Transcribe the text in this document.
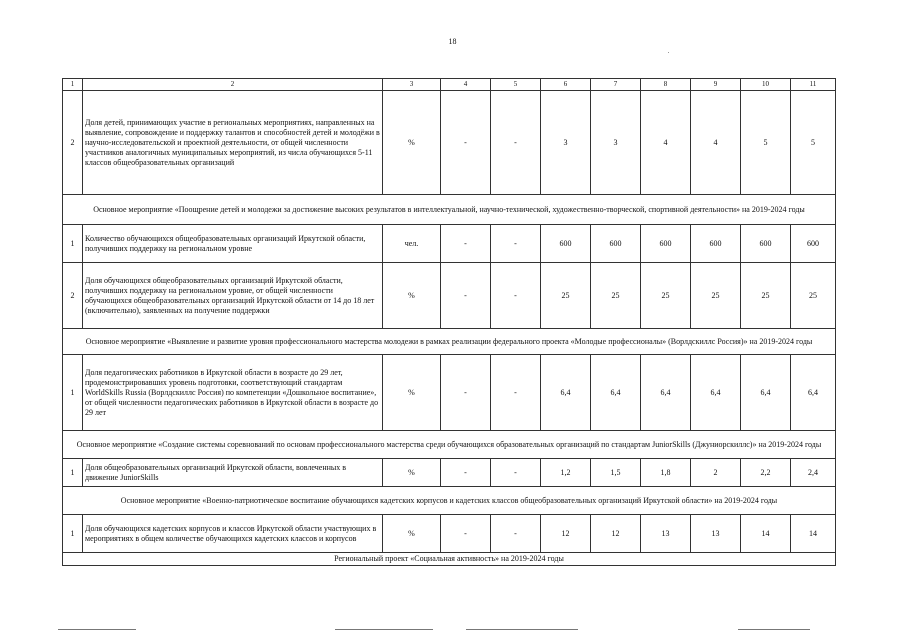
18
1	2	3	4	5	6	7	8	9	10	11
2	Доля детей, принимающих участие в региональных мероприятиях, направленных на выявление, сопровождение и поддержку талантов и способностей детей и молодёжи в научно-исследовательской и проектной деятельности, от общей численности участников аналогичных муниципальных мероприятий, из числа обучающихся 5-11 классов общеобразовательных организаций	%	-	-	3	3	4	4	5	5
Основное мероприятие «Поощрение детей и молодежи за достижение высоких результатов в интеллектуальной, научно-технической, художественно-творческой, спортивной деятельности» на 2019-2024 годы										
1	Количество обучающихся общеобразовательных организаций Иркутской области, получивших поддержку на региональном уровне	чел.	-	-	600	600	600	600	600	600
2	Доля обучающихся общеобразовательных организаций Иркутской области, получивших поддержку на региональном уровне, от общей численности обучающихся общеобразовательных организаций Иркутской области от 14 до 18 лет (включительно), заявленных на получение поддержки	%	-	-	25	25	25	25	25	25
Основное мероприятие «Выявление и развитие уровня профессионального мастерства молодежи в рамках реализации федерального проекта «Молодые профессионалы» (Ворлдскиллс Россия)» на 2019-2024 годы										
1	Доля педагогических работников в Иркутской области в возрасте до 29 лет, продемонстрировавших уровень подготовки, соответствующий стандартам WorldSkills Russia (Ворлдскиллс Россия) по компетенции «Дошкольное воспитание», от общей численности педагогических работников в Иркутской области в возрасте до 29 лет	%	-	-	6,4	6,4	6,4	6,4	6,4	6,4
Основное мероприятие «Создание системы соревнований по основам профессионального мастерства среди обучающихся образовательных организаций по стандартам JuniorSkills (Джуниорскиллс)» на 2019-2024 годы										
1	Доля общеобразовательных организаций Иркутской области, вовлеченных в движение JuniorSkills	%	-	-	1,2	1,5	1,8	2	2,2	2,4
Основное мероприятие «Военно-патриотическое воспитание обучающихся кадетских корпусов и кадетских классов общеобразовательных организаций Иркутской области» на 2019-2024 годы										
1	Доля обучающихся кадетских корпусов и классов Иркутской области участвующих в мероприятиях в общем количестве обучающихся кадетских классов и корпусов	%	-	-	12	12	13	13	14	14
Региональный проект «Социальная активность» на 2019-2024 годы										
